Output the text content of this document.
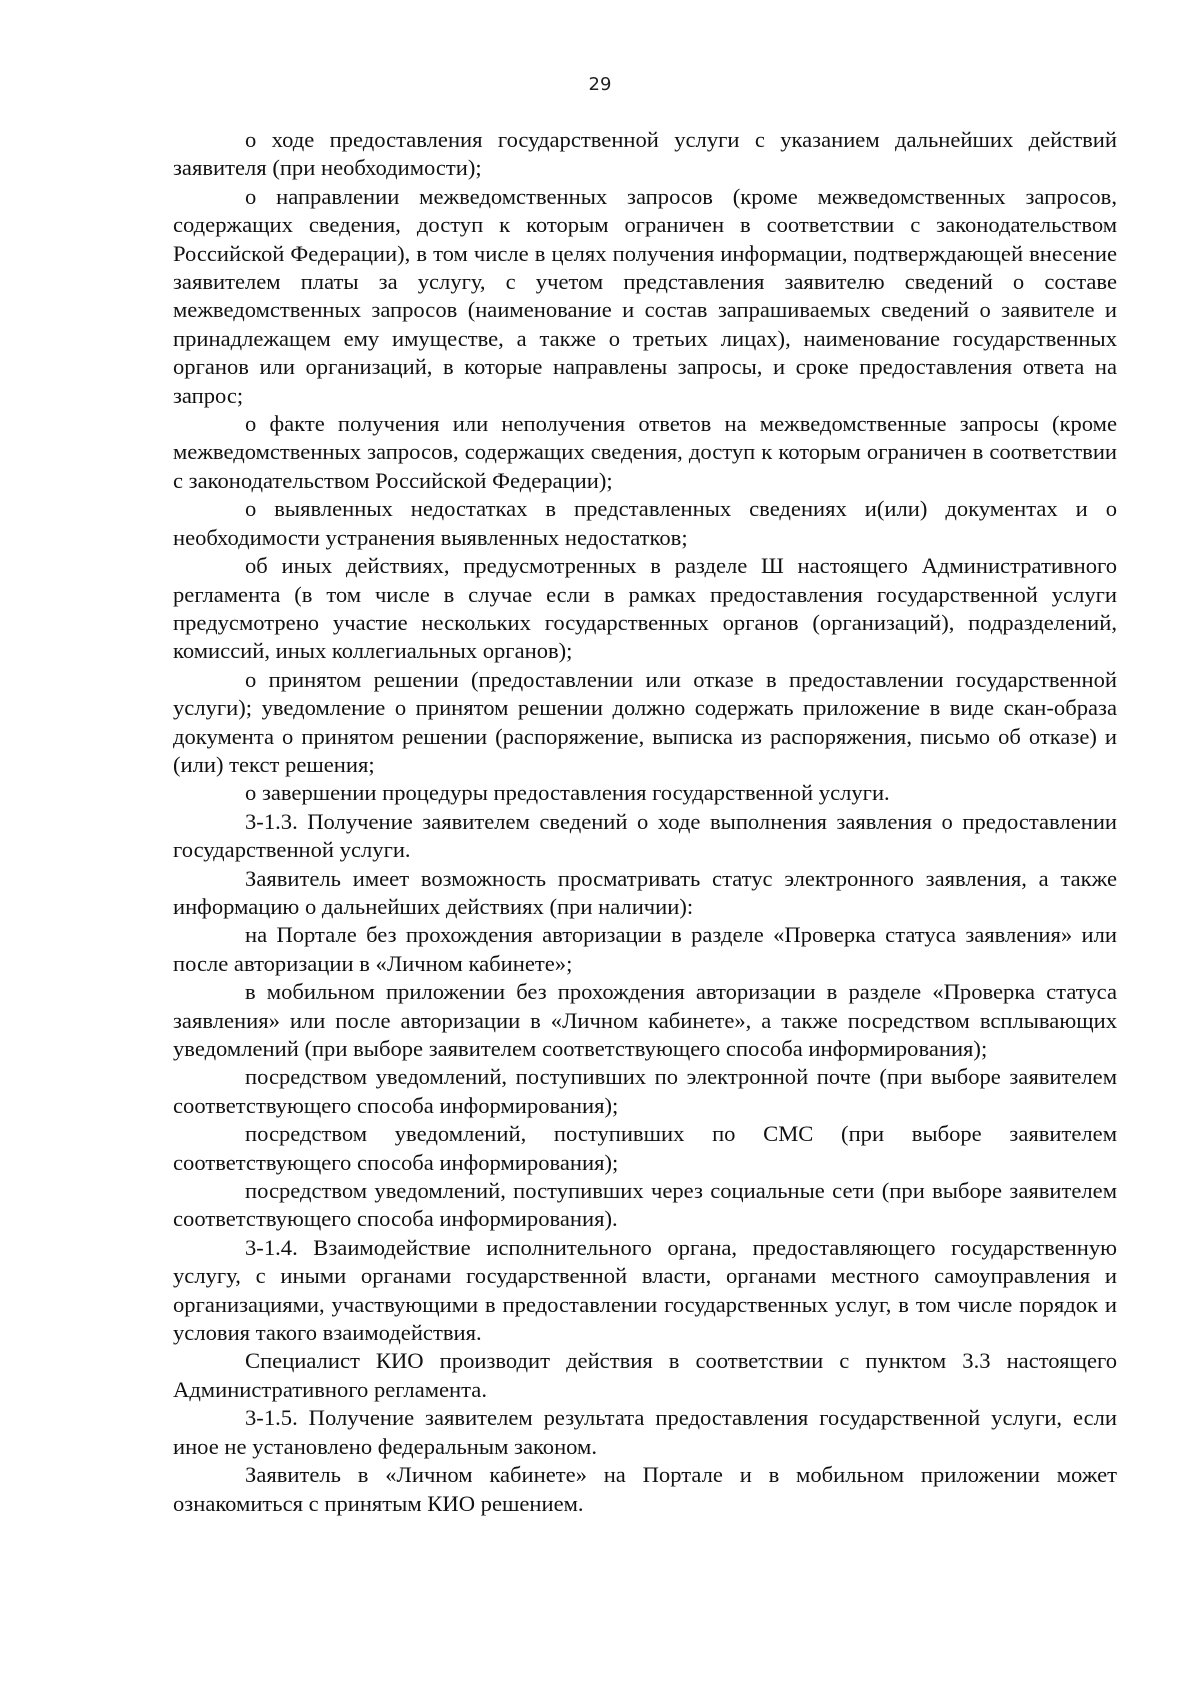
29

о ходе предоставления государственной услуги с указанием дальнейших действий заявителя (при необходимости);

о направлении межведомственных запросов (кроме межведомственных запросов, содержащих сведения, доступ к которым ограничен в соответствии с законодательством Российской Федерации), в том числе в целях получения информации, подтверждающей внесение заявителем платы за услугу, с учетом представления заявителю сведений о составе межведомственных запросов (наименование и состав запрашиваемых сведений о заявителе и принадлежащем ему имуществе, а также о третьих лицах), наименование государственных органов или организаций, в которые направлены запросы, и сроке предоставления ответа на запрос;

о факте получения или неполучения ответов на межведомственные запросы (кроме межведомственных запросов, содержащих сведения, доступ к которым ограничен в соответствии с законодательством Российской Федерации);

о выявленных недостатках в представленных сведениях и(или) документах и о необходимости устранения выявленных недостатков;

об иных действиях, предусмотренных в разделе Ш настоящего Административного регламента (в том числе в случае если в рамках предоставления государственной услуги предусмотрено участие нескольких государственных органов (организаций), подразделений, комиссий, иных коллегиальных органов);

о принятом решении (предоставлении или отказе в предоставлении государственной услуги); уведомление о принятом решении должно содержать приложение в виде скан-образа документа о принятом решении (распоряжение, выписка из распоряжения, письмо об отказе) и (или) текст решения;

о завершении процедуры предоставления государственной услуги.

3-1.3. Получение заявителем сведений о ходе выполнения заявления о предоставлении государственной услуги.

Заявитель имеет возможность просматривать статус электронного заявления, а также информацию о дальнейших действиях (при наличии):

на Портале без прохождения авторизации в разделе «Проверка статуса заявления» или после авторизации в «Личном кабинете»;

в мобильном приложении без прохождения авторизации в разделе «Проверка статуса заявления» или после авторизации в «Личном кабинете», а также посредством всплывающих уведомлений (при выборе заявителем соответствующего способа информирования);

посредством уведомлений, поступивших по электронной почте (при выборе заявителем соответствующего способа информирования);

посредством уведомлений, поступивших по СМС (при выборе заявителем соответствующего способа информирования);

посредством уведомлений, поступивших через социальные сети (при выборе заявителем соответствующего способа информирования).

3-1.4. Взаимодействие исполнительного органа, предоставляющего государственную услугу, с иными органами государственной власти, органами местного самоуправления и организациями, участвующими в предоставлении государственных услуг, в том числе порядок и условия такого взаимодействия.

Специалист КИО производит действия в соответствии с пунктом 3.3 настоящего Административного регламента.

3-1.5. Получение заявителем результата предоставления государственной услуги, если иное не установлено федеральным законом.

Заявитель в «Личном кабинете» на Портале и в мобильном приложении может ознакомиться с принятым КИО решением.
